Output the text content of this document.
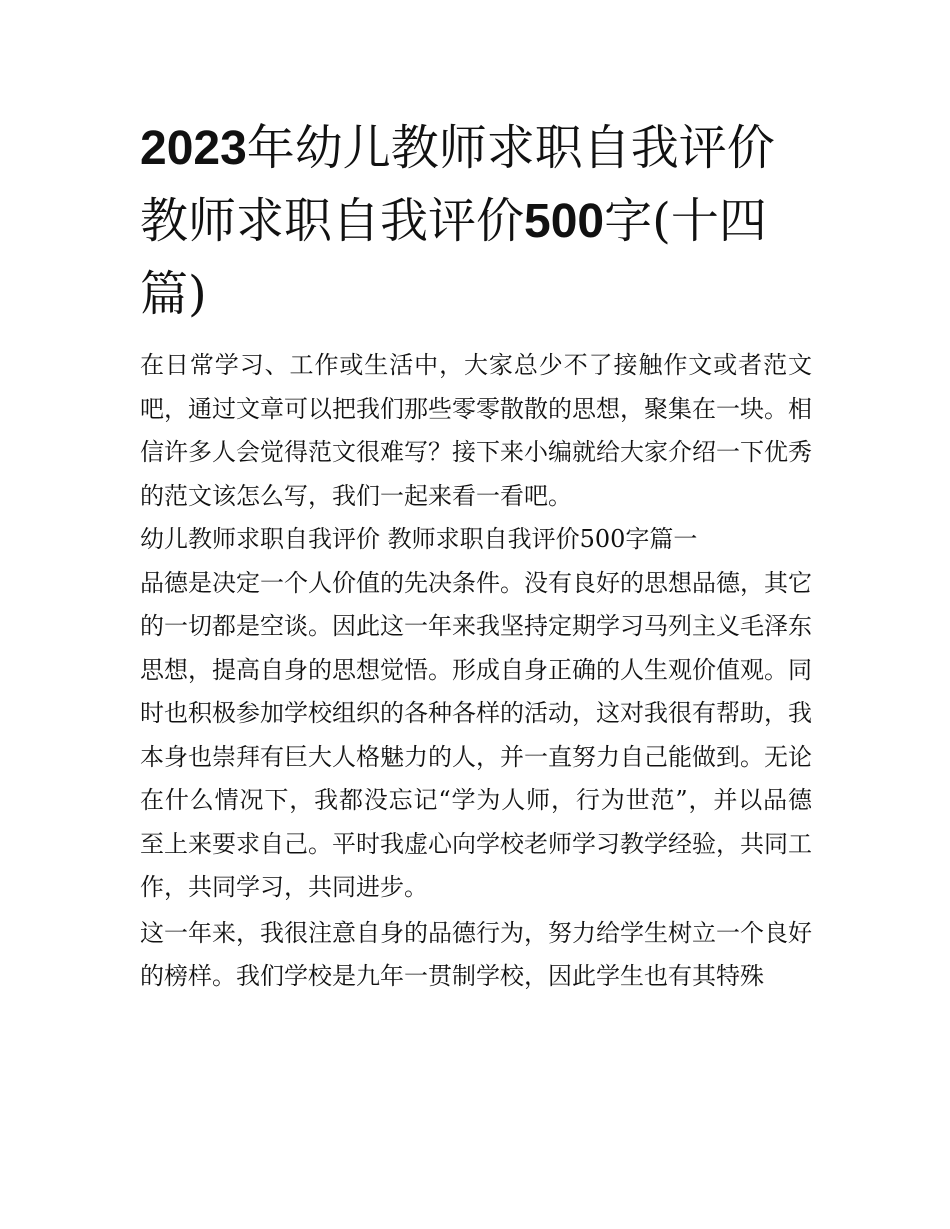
2023年幼儿教师求职自我评价教师求职自我评价500字(十四篇)

在日常学习、工作或生活中，大家总少不了接触作文或者范文吧，通过文章可以把我们那些零零散散的思想，聚集在一块。相信许多人会觉得范文很难写？接下来小编就给大家介绍一下优秀的范文该怎么写，我们一起来看一看吧。

幼儿教师求职自我评价 教师求职自我评价500字篇一

品德是决定一个人价值的先决条件。没有良好的思想品德，其它的一切都是空谈。因此这一年来我坚持定期学习马列主义毛泽东思想，提高自身的思想觉悟。形成自身正确的人生观价值观。同时也积极参加学校组织的各种各样的活动，这对我很有帮助，我本身也崇拜有巨大人格魅力的人，并一直努力自己能做到。无论在什么情况下，我都没忘记“学为人师，行为世范”，并以品德至上来要求自己。平时我虚心向学校老师学习教学经验，共同工作，共同学习，共同进步。

这一年来，我很注意自身的品德行为，努力给学生树立一个良好的榜样。我们学校是九年一贯制学校，因此学生也有其特殊
